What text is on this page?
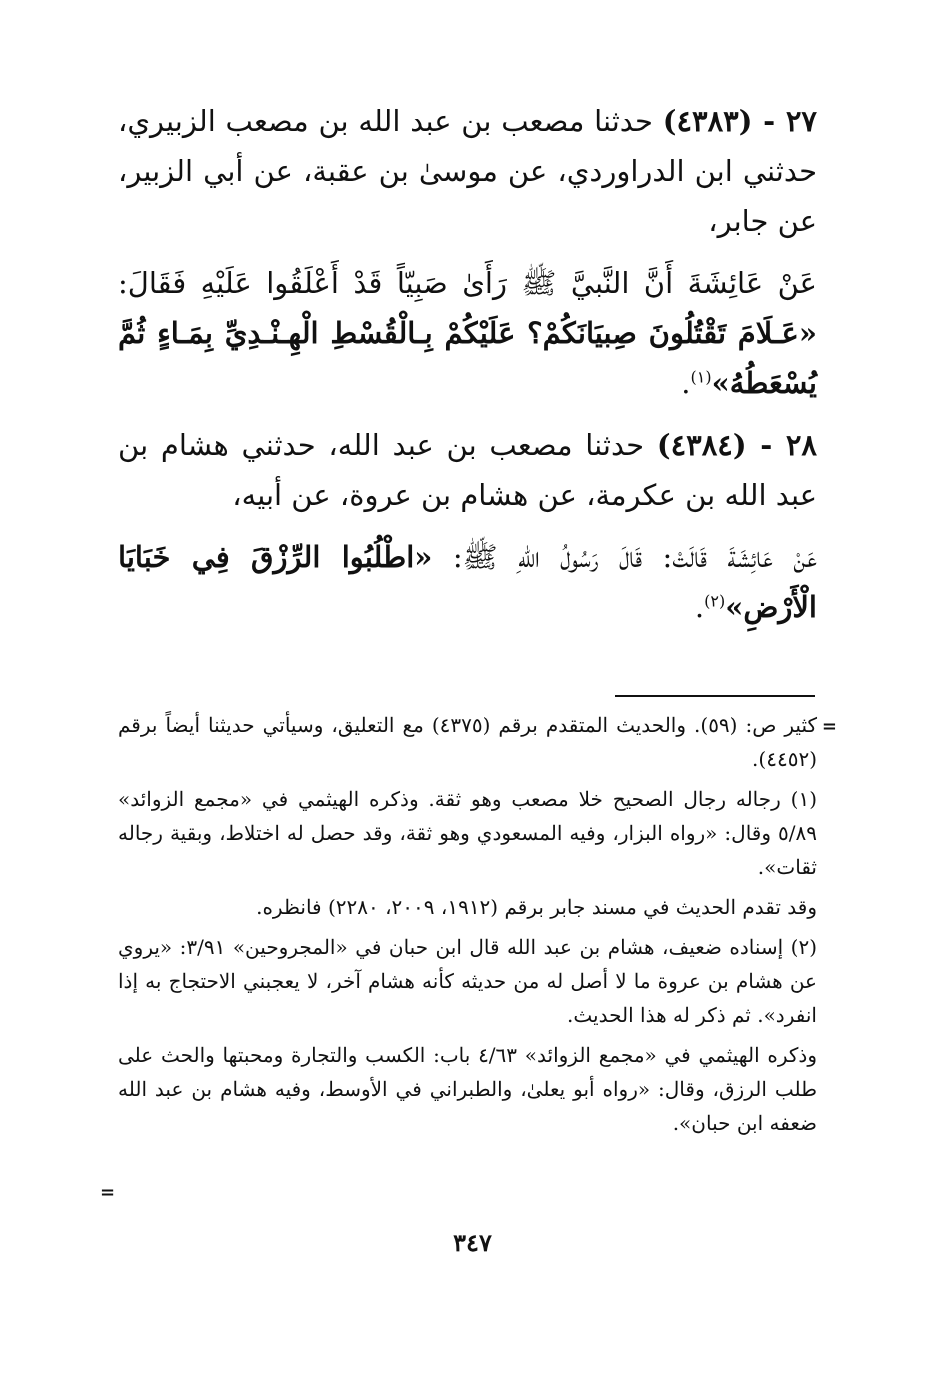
٢٧ - (٤٣٨٣) حدثنا مصعب بن عبد الله بن مصعب الزبيري، حدثني ابن الدراوردي، عن موسىٰ بن عقبة، عن أبي الزبير، عن جابر،

عَنْ عَائِشَةَ أَنَّ النَّبيَّ ﷺ رَأَىٰ صَبِيّاً قَدْ أَعْلَقُوا عَلَيْهِ فَقَالَ: «عَـلَامَ تَقْتُلُونَ صِبيَانَكُمْ؟ عَلَيْكُمْ بِـالْقُسْطِ الْهِـنْـدِيِّ بِمَـاءٍ ثُمَّ يُسْعَطُهُ»$^{(١)}$.

٢٨ - (٤٣٨٤) حدثنا مصعب بن عبد الله، حدثني هشام بن عبد الله بن عكرمة، عن هشام بن عروة، عن أبيه،

عَنْ عَائِشَةَ قَالَتْ: قَالَ رَسُولُ اللهِ ﷺ: «اطْلُبُوا الرِّزْقَ فِي خَبَايَا الْأَرْضِ»$^{(٢)}$.

=

كثير ص: (٥٩). والحديث المتقدم برقم (٤٣٧٥) مع التعليق، وسيأتي حديثنا أيضاً برقم (٤٤٥٢).

(١) رجاله رجال الصحيح خلا مصعب وهو ثقة. وذكره الهيثمي في «مجمع الزوائد» ٥/٨٩ وقال: «رواه البزار، وفيه المسعودي وهو ثقة، وقد حصل له اختلاط، وبقية رجاله ثقات».

وقد تقدم الحديث في مسند جابر برقم (١٩١٢، ٢٠٠٩، ٢٢٨٠) فانظره.

(٢) إسناده ضعيف، هشام بن عبد الله قال ابن حبان في «المجروحين» ٣/٩١: «يروي عن هشام بن عروة ما لا أصل له من حديثه كأنه هشام آخر، لا يعجبني الاحتجاج به إذا انفرد». ثم ذكر له هذا الحديث.

وذكره الهيثمي في «مجمع الزوائد» ٤/٦٣ باب: الكسب والتجارة ومحبتها والحث على طلب الرزق، وقال: «رواه أبو يعلىٰ، والطبراني في الأوسط، وفيه هشام بن عبد الله ضعفه ابن حبان».

=
٣٤٧
